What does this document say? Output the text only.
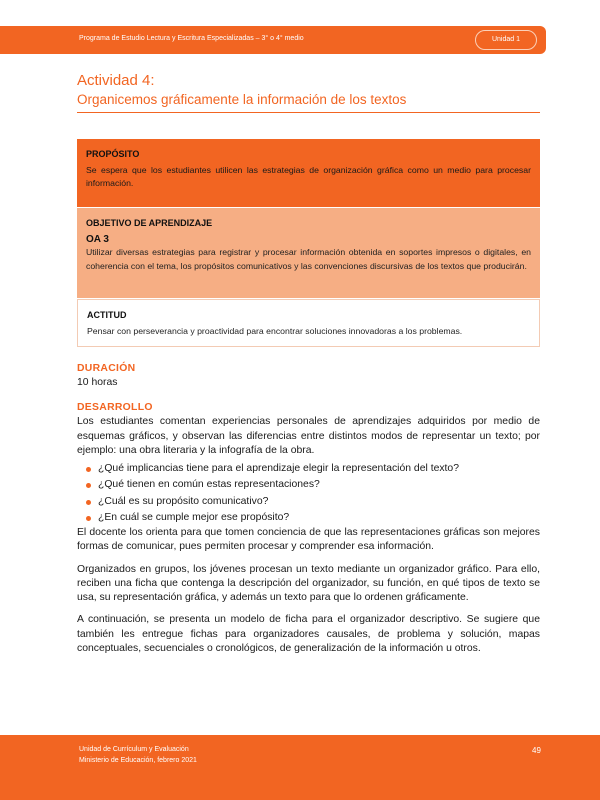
Programa de Estudio Lectura y Escritura Especializadas – 3° o 4° medio	Unidad 1
Actividad 4:
Organicemos gráficamente la información de los textos
PROPÓSITO
Se espera que los estudiantes utilicen las estrategias de organización gráfica como un medio para procesar información.
OBJETIVO DE APRENDIZAJE
OA 3
Utilizar diversas estrategias para registrar y procesar información obtenida en soportes impresos o digitales, en coherencia con el tema, los propósitos comunicativos y las convenciones discursivas de los textos que producirán.
ACTITUD
Pensar con perseverancia y proactividad para encontrar soluciones innovadoras a los problemas.
DURACIÓN
10 horas
DESARROLLO

Los estudiantes comentan experiencias personales de aprendizajes adquiridos por medio de esquemas gráficos, y observan las diferencias entre distintos modos de representar un texto; por ejemplo: una obra literaria y la infografía de la obra.

¿Qué implicancias tiene para el aprendizaje elegir la representación del texto?
¿Qué tienen en común estas representaciones?
¿Cuál es su propósito comunicativo?
¿En cuál se cumple mejor ese propósito?

El docente los orienta para que tomen conciencia de que las representaciones gráficas son mejores formas de comunicar, pues permiten procesar y comprender esa información.

Organizados en grupos, los jóvenes procesan un texto mediante un organizador gráfico. Para ello, reciben una ficha que contenga la descripción del organizador, su función, en qué tipos de texto se usa, su representación gráfica, y además un texto para que lo ordenen gráficamente.

A continuación, se presenta un modelo de ficha para el organizador descriptivo. Se sugiere que también les entregue fichas para organizadores causales, de problema y solución, mapas conceptuales, secuenciales o cronológicos, de generalización de la información u otros.

Unidad de Currículum y Evaluación
Ministerio de Educación, febrero 2021
49
